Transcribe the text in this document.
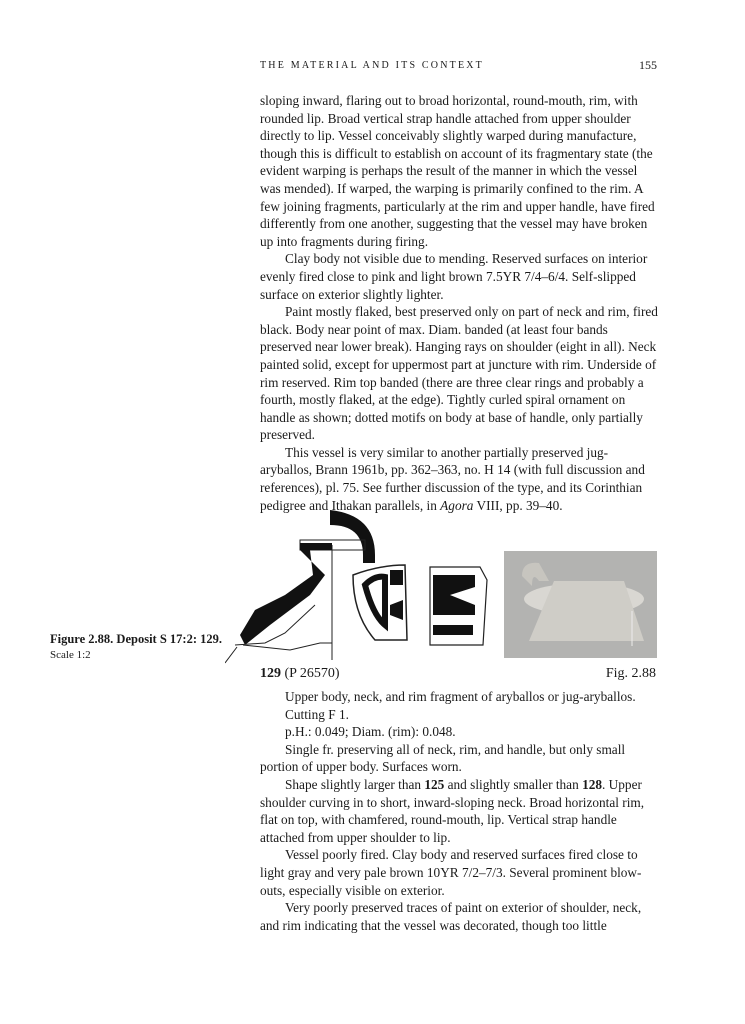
THE MATERIAL AND ITS CONTEXT	155

sloping inward, flaring out to broad horizontal, round-mouth, rim, with rounded lip. Broad vertical strap handle attached from upper shoulder directly to lip. Vessel conceivably slightly warped during manufacture, though this is difficult to establish on account of its fragmentary state (the evident warping is perhaps the result of the manner in which the vessel was mended). If warped, the warping is primarily confined to the rim. A few joining fragments, particularly at the rim and upper handle, have fired differently from one another, suggesting that the vessel may have broken up into fragments during firing.

Clay body not visible due to mending. Reserved surfaces on interior evenly fired close to pink and light brown 7.5YR 7/4–6/4. Self-slipped surface on exterior slightly lighter.

Paint mostly flaked, best preserved only on part of neck and rim, fired black. Body near point of max. Diam. banded (at least four bands preserved near lower break). Hanging rays on shoulder (eight in all). Neck painted solid, except for uppermost part at juncture with rim. Underside of rim reserved. Rim top banded (there are three clear rings and probably a fourth, mostly flaked, at the edge). Tightly curled spiral ornament on handle as shown; dotted motifs on body at base of handle, only partially preserved.

This vessel is very similar to another partially preserved jug-aryballos, Brann 1961b, pp. 362–363, no. H 14 (with full discussion and references), pl. 75. See further discussion of the type, and its Corinthian pedigree and Ithakan parallels, in Agora VIII, pp. 39–40.

Figure 2.88. Deposit S 17:2: 129.
Scale 1:2
129 (P 26570)	Fig. 2.88

Upper body, neck, and rim fragment of aryballos or jug-aryballos.

Cutting F 1.

p.H.: 0.049; Diam. (rim): 0.048.

Single fr. preserving all of neck, rim, and handle, but only small portion of upper body. Surfaces worn.

Shape slightly larger than 125 and slightly smaller than 128. Upper shoulder curving in to short, inward-sloping neck. Broad horizontal rim, flat on top, with chamfered, round-mouth, lip. Vertical strap handle attached from upper shoulder to lip.

Vessel poorly fired. Clay body and reserved surfaces fired close to light gray and very pale brown 10YR 7/2–7/3. Several prominent blow-outs, especially visible on exterior.

Very poorly preserved traces of paint on exterior of shoulder, neck, and rim indicating that the vessel was decorated, though too little
